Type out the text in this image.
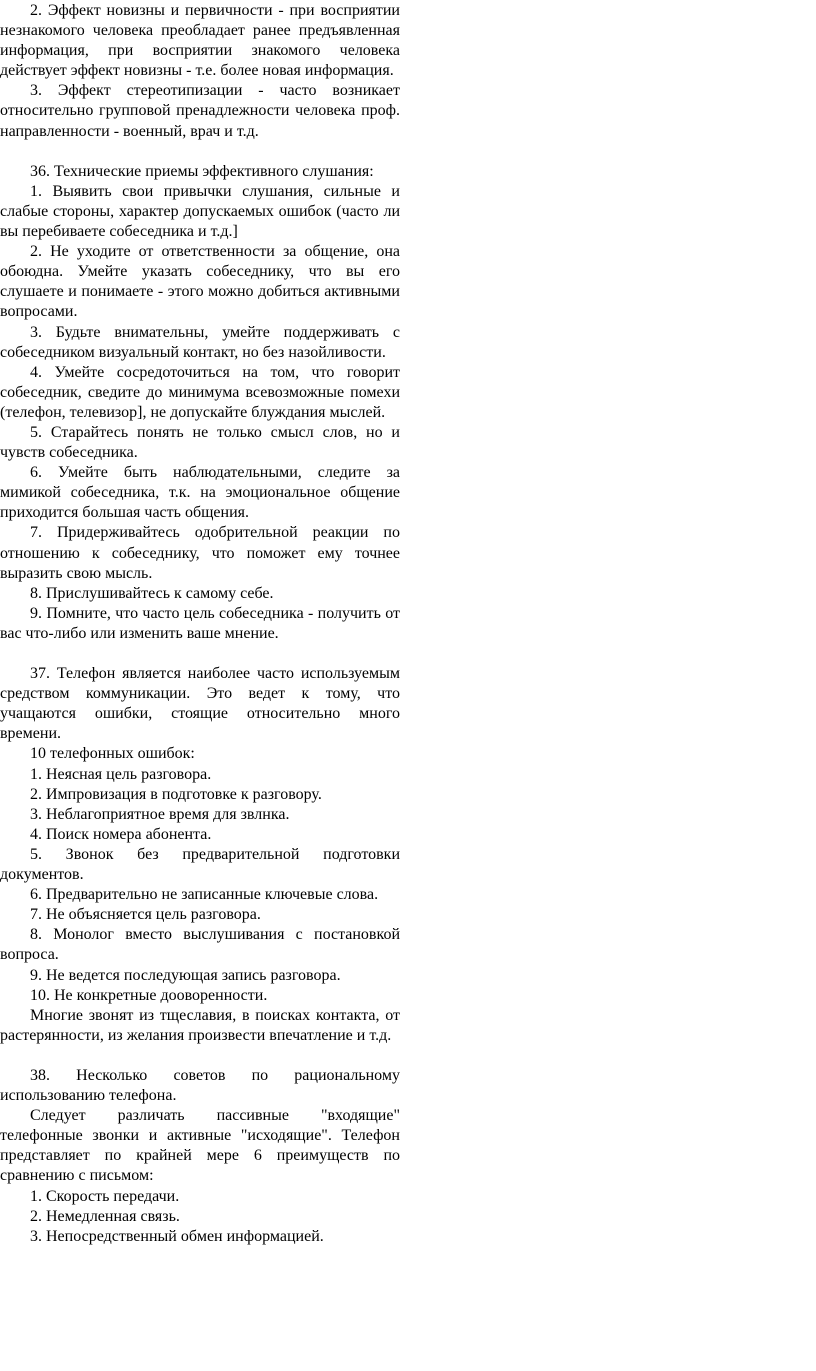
2. Эффект новизны и первичности - при восприятии незнакомого человека преобладает ранее предъявленная информация, при восприятии знакомого человека действует эффект новизны - т.е. более новая информация.

3. Эффект стереотипизации - часто возникает относительно групповой пренадлежности человека проф. направленности - военный, врач и т.д.

36. Технические приемы эффективного слушания:

1. Выявить свои привычки слушания, сильные и слабые стороны, характер допускаемых ошибок (часто ли вы перебиваете собеседника и т.д.]

2. Не уходите от ответственности за общение, она обоюдна. Умейте указать собеседнику, что вы его слушаете и понимаете - этого можно добиться активными вопросами.

3. Будьте внимательны, умейте поддерживать с собеседником визуальный контакт, но без назойливости.

4. Умейте сосредоточиться на том, что говорит собеседник, сведите до минимума всевозможные помехи (телефон, телевизор], не допускайте блуждания мыслей.

5. Старайтесь понять не только смысл слов, но и чувств собеседника.

6. Умейте быть наблюдательными, следите за мимикой собеседника, т.к. на эмоциональное общение приходится большая часть общения.

7. Придерживайтесь одобрительной реакции по отношению к собеседнику, что поможет ему точнее выразить свою мысль.

8. Прислушивайтесь к самому себе.

9. Помните, что часто цель собеседника - получить от вас что-либо или изменить ваше мнение.

37. Телефон является наиболее часто используемым средством коммуникации. Это ведет к тому, что учащаются ошибки, стоящие относительно много времени.

10 телефонных ошибок:

1. Неясная цель разговора.

2. Импровизация в подготовке к разговору.

3. Неблагоприятное время для звлнка.

4. Поиск номера абонента.

5. Звонок без предварительной подготовки документов.

6. Предварительно не записанные ключевые слова.

7. Не объясняется цель разговора.

8. Монолог вместо выслушивания с постановкой вопроса.

9. Не ведется последующая запись разговора.

10. Не конкретные дооворенности.

Многие звонят из тщеславия, в поисках контакта, от растерянности, из желания произвести впечатление и т.д.

38. Несколько советов по рациональному использованию телефона.

Следует различать пассивные "входящие" телефонные звонки и активные "исходящие". Телефон представляет по крайней мере 6 преимуществ по сравнению с письмом:

1. Скорость передачи.

2. Немедленная связь.

3. Непосредственный обмен информацией.
